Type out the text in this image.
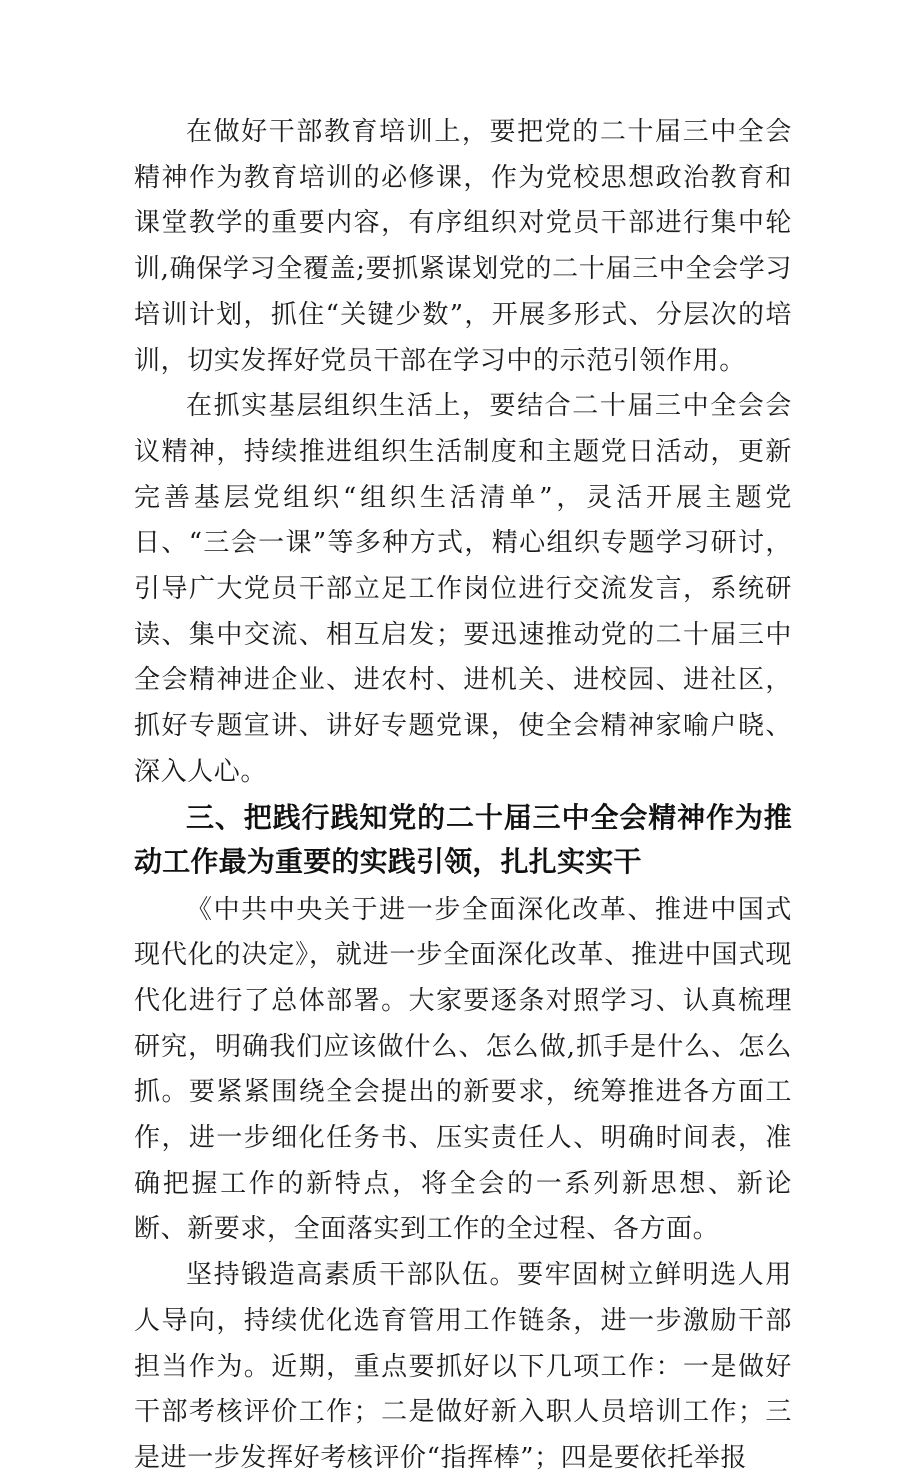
在做好干部教育培训上，要把党的二十届三中全会精神作为教育培训的必修课，作为党校思想政治教育和课堂教学的重要内容，有序组织对党员干部进行集中轮训,确保学习全覆盖;要抓紧谋划党的二十届三中全会学习培训计划，抓住“关键少数”，开展多形式、分层次的培训，切实发挥好党员干部在学习中的示范引领作用。

在抓实基层组织生活上，要结合二十届三中全会会议精神，持续推进组织生活制度和主题党日活动，更新完善基层党组织“组织生活清单”，灵活开展主题党日、“三会一课”等多种方式，精心组织专题学习研讨，引导广大党员干部立足工作岗位进行交流发言，系统研读、集中交流、相互启发；要迅速推动党的二十届三中全会精神进企业、进农村、进机关、进校园、进社区，抓好专题宣讲、讲好专题党课，使全会精神家喻户晓、深入人心。

三、把践行践知党的二十届三中全会精神作为推动工作最为重要的实践引领，扎扎实实干

《中共中央关于进一步全面深化改革、推进中国式现代化的决定》，就进一步全面深化改革、推进中国式现代化进行了总体部署。大家要逐条对照学习、认真梳理研究，明确我们应该做什么、怎么做,抓手是什么、怎么抓。要紧紧围绕全会提出的新要求，统筹推进各方面工作，进一步细化任务书、压实责任人、明确时间表，准确把握工作的新特点，将全会的一系列新思想、新论断、新要求，全面落实到工作的全过程、各方面。

坚持锻造高素质干部队伍。要牢固树立鲜明选人用人导向，持续优化选育管用工作链条，进一步激励干部担当作为。近期，重点要抓好以下几项工作：一是做好干部考核评价工作；二是做好新入职人员培训工作；三是进一步发挥好考核评价“指挥棒”；四是要依托举报
